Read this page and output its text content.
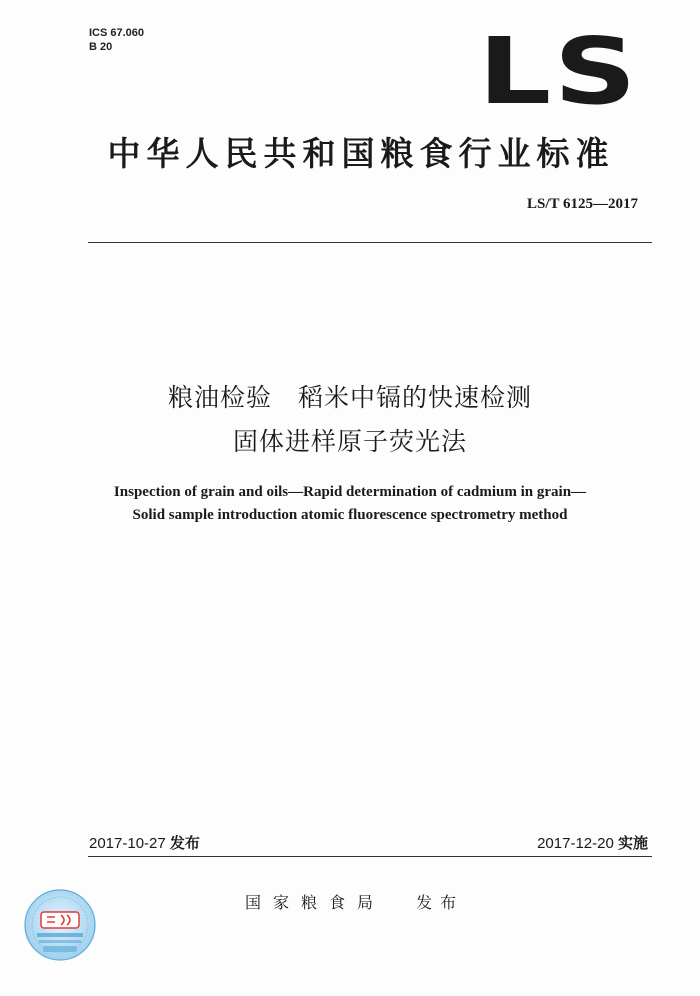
ICS 67.060
B 20	LS
中华人民共和国粮食行业标准
LS/T 6125—2017
粮油检验　稻米中镉的快速检测
固体进样原子荧光法
Inspection of grain and oils—Rapid determination of cadmium in grain—
Solid sample introduction atomic fluorescence spectrometry method
2017-10-27 发布	2017-12-20 实施
国家粮食局 发布
